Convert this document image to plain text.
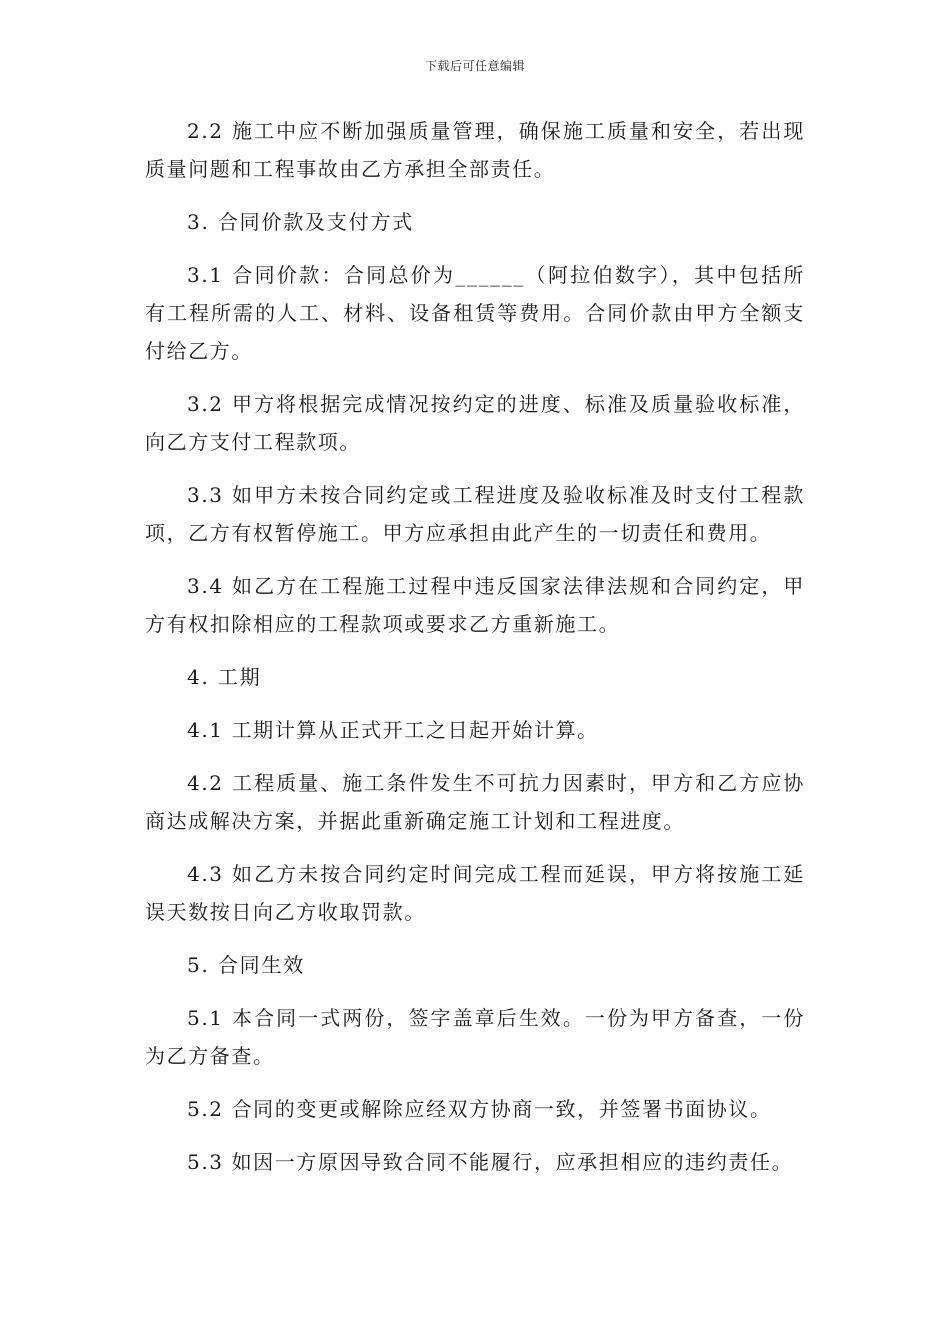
下载后可任意编辑

2.2 施工中应不断加强质量管理，确保施工质量和安全，若出现质量问题和工程事故由乙方承担全部责任。

3. 合同价款及支付方式

3.1 合同价款：合同总价为______（阿拉伯数字），其中包括所有工程所需的人工、材料、设备租赁等费用。合同价款由甲方全额支付给乙方。

3.2 甲方将根据完成情况按约定的进度、标准及质量验收标准，向乙方支付工程款项。

3.3 如甲方未按合同约定或工程进度及验收标准及时支付工程款项，乙方有权暂停施工。甲方应承担由此产生的一切责任和费用。

3.4 如乙方在工程施工过程中违反国家法律法规和合同约定，甲方有权扣除相应的工程款项或要求乙方重新施工。

4. 工期

4.1 工期计算从正式开工之日起开始计算。

4.2 工程质量、施工条件发生不可抗力因素时，甲方和乙方应协商达成解决方案，并据此重新确定施工计划和工程进度。

4.3 如乙方未按合同约定时间完成工程而延误，甲方将按施工延误天数按日向乙方收取罚款。

5. 合同生效

5.1 本合同一式两份，签字盖章后生效。一份为甲方备查，一份为乙方备查。

5.2 合同的变更或解除应经双方协商一致，并签署书面协议。

5.3 如因一方原因导致合同不能履行，应承担相应的违约责任。
